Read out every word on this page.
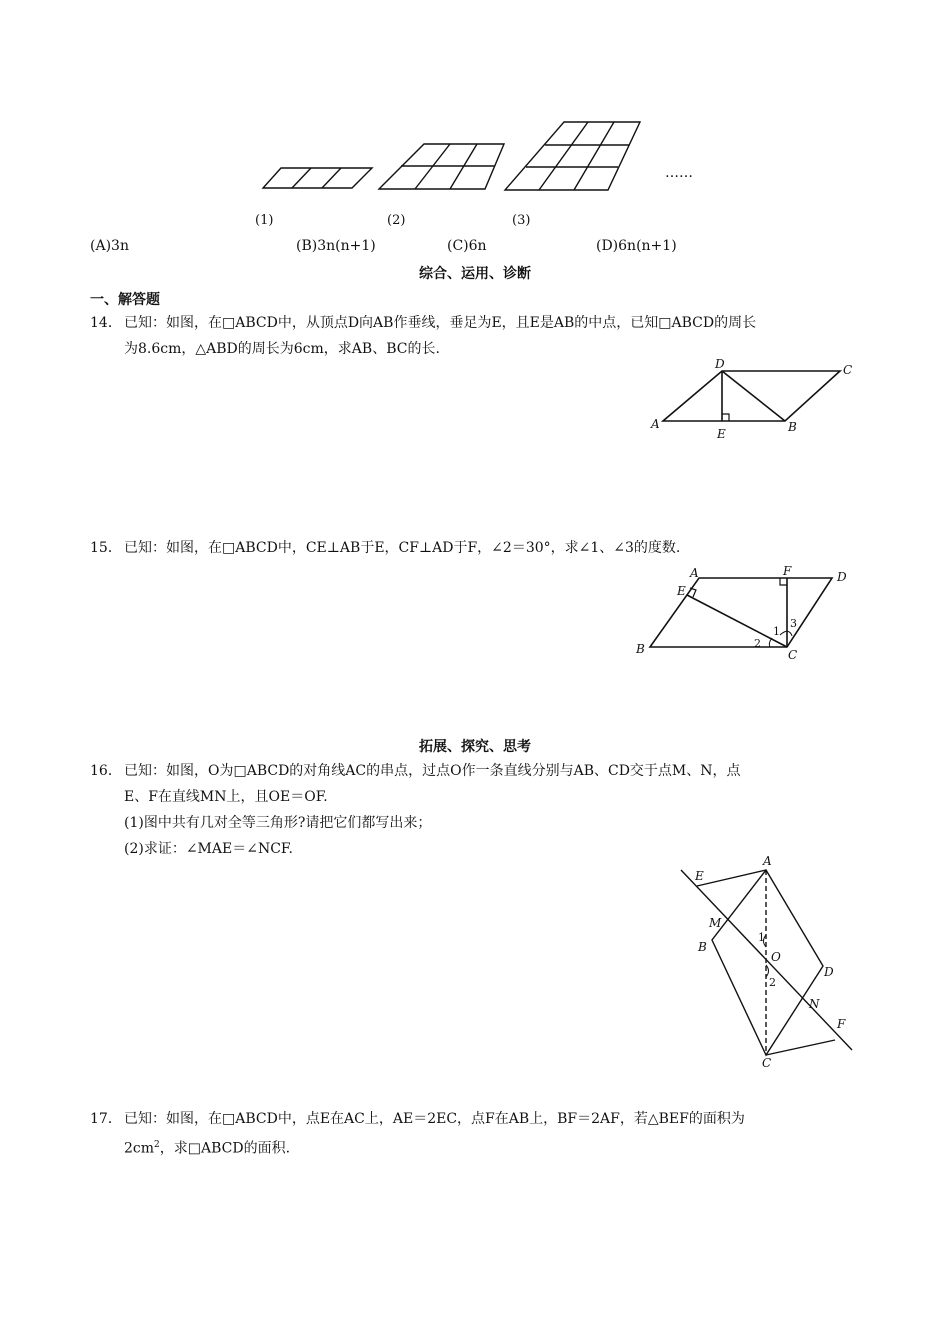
……
(1)	(2)	(3)
(A)3n	(B)3n(n+1)	(C)6n	(D)6n(n+1)
综合、运用、诊断
一、解答题
14． 已知：如图，在□ABCD中，从顶点D向AB作垂线，垂足为E，且E是AB的中点，已知□ABCD的周长
为8.6cm，△ABD的周长为6cm，求AB、BC的长.
A	B
C
D
E
15． 已知：如图，在□ABCD中，CE⊥AB于E，CF⊥AD于F，∠2＝30°，求∠1、∠3的度数.
A
B	C
D
E
F
1
2
3
拓展、探究、思考
16． 已知：如图，O为□ABCD的对角线AC的串点，过点O作一条直线分别与AB、CD交于点M、N，点
E、F在直线MN上，且OE＝OF.
(1)图中共有几对全等三角形?请把它们都写出来；
(2)求证：∠MAE＝∠NCF.
A
B
C
D
E
F
M
N
O
1
2
17． 已知：如图，在□ABCD中，点E在AC上，AE＝2EC，点F在AB上，BF＝2AF，若△BEF的面积为
$2cm^2$，求□ABCD的面积.
